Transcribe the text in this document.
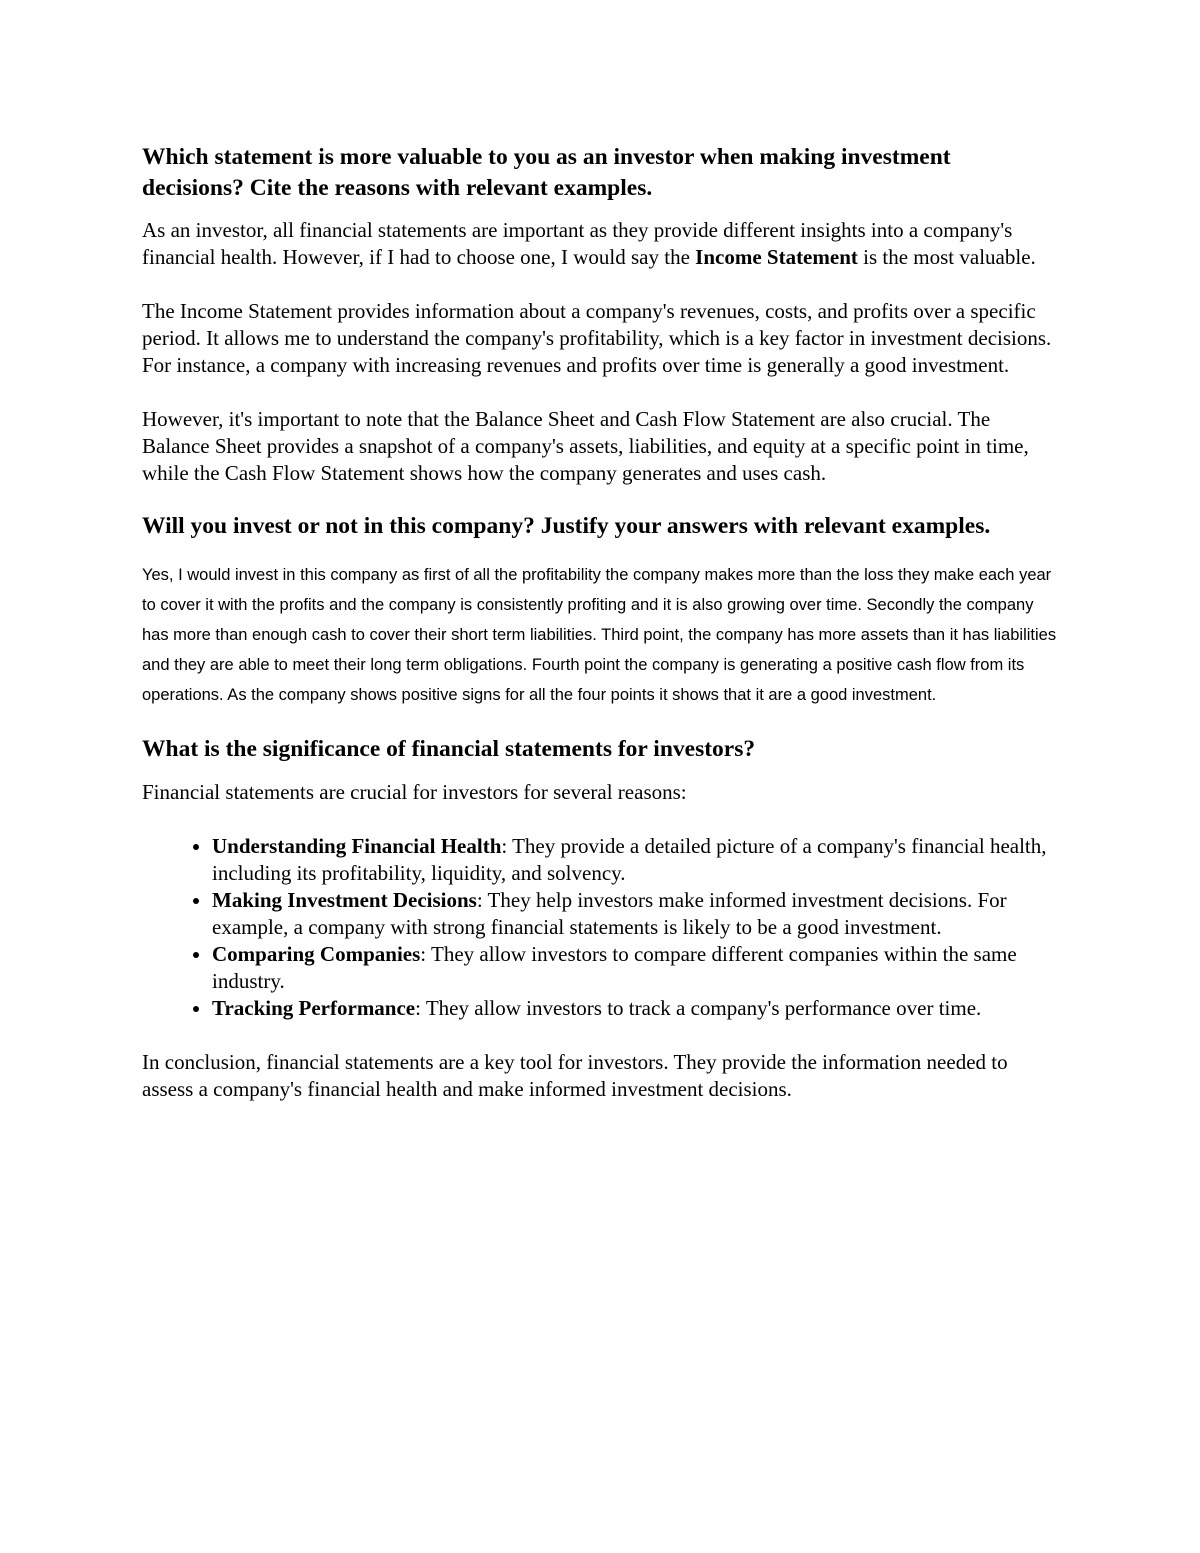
Which statement is more valuable to you as an investor when making investment decisions? Cite the reasons with relevant examples.

As an investor, all financial statements are important as they provide different insights into a company's financial health. However, if I had to choose one, I would say the Income Statement is the most valuable.

The Income Statement provides information about a company's revenues, costs, and profits over a specific period. It allows me to understand the company's profitability, which is a key factor in investment decisions. For instance, a company with increasing revenues and profits over time is generally a good investment.

However, it's important to note that the Balance Sheet and Cash Flow Statement are also crucial. The Balance Sheet provides a snapshot of a company's assets, liabilities, and equity at a specific point in time, while the Cash Flow Statement shows how the company generates and uses cash.

Will you invest or not in this company? Justify your answers with relevant examples.

Yes, I would invest in this company as first of all the profitability the company makes more than the loss they make each year to cover it with the profits and the company is consistently profiting and it is also growing over time. Secondly the company has more than enough cash to cover their short term liabilities. Third point, the company has more assets than it has liabilities and they are able to meet their long term obligations. Fourth point the company is generating a positive cash flow from its operations. As the company shows positive signs for all the four points it shows that it are a good investment.

What is the significance of financial statements for investors?

Financial statements are crucial for investors for several reasons:

• Understanding Financial Health: They provide a detailed picture of a company's financial health, including its profitability, liquidity, and solvency.
• Making Investment Decisions: They help investors make informed investment decisions. For example, a company with strong financial statements is likely to be a good investment.
• Comparing Companies: They allow investors to compare different companies within the same industry.
• Tracking Performance: They allow investors to track a company's performance over time.

In conclusion, financial statements are a key tool for investors. They provide the information needed to assess a company's financial health and make informed investment decisions.
